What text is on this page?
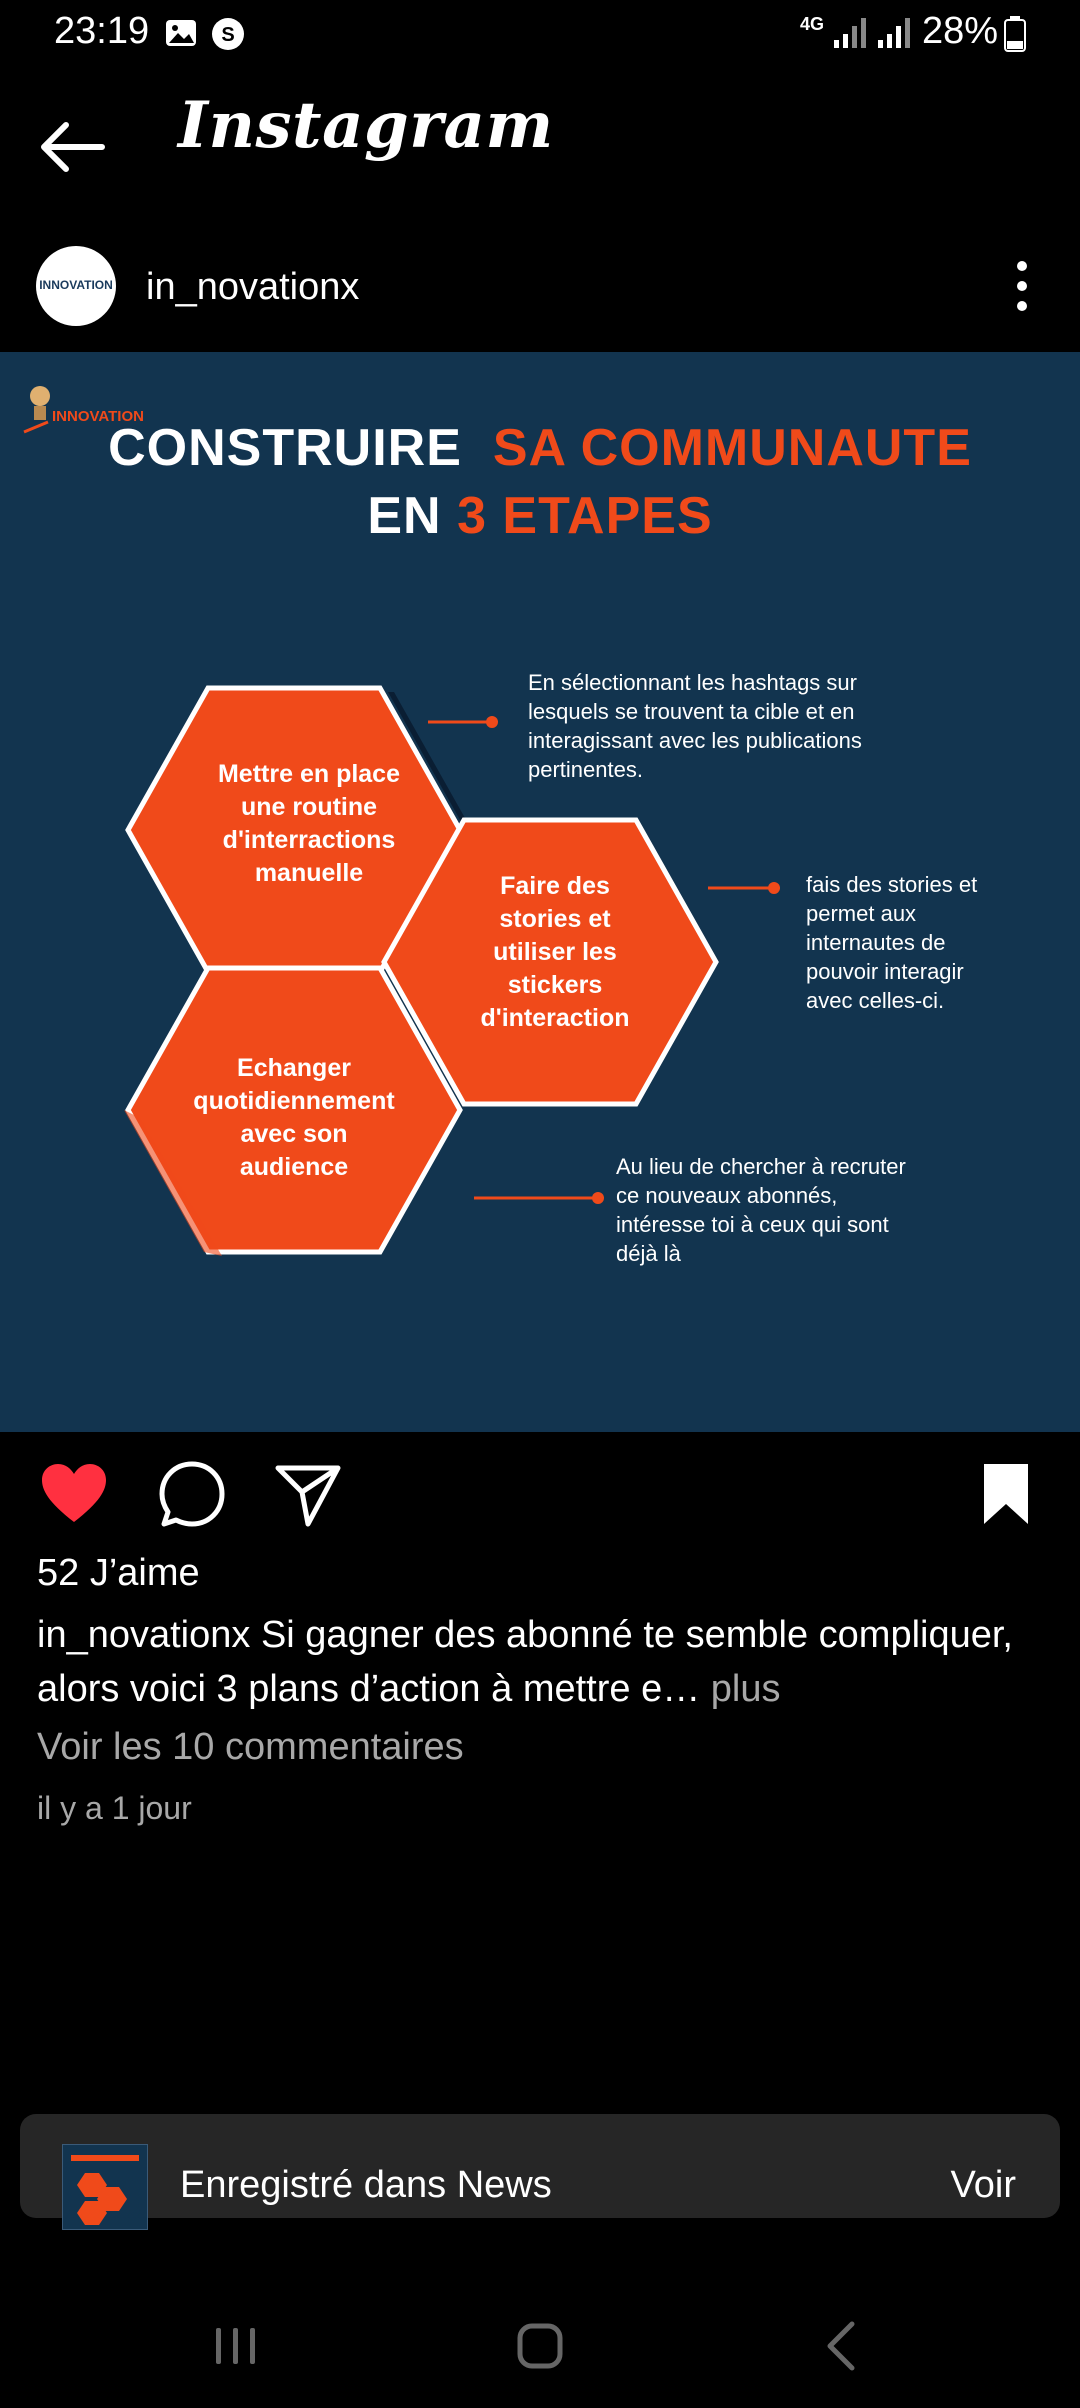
23:19	S	4G	28%
Instagram
INNOVATION in_novationx
INNOVATION
CONSTRUIRE SA COMMUNAUTE
EN 3 ETAPES
Mettre en place une routine d'interractions manuelle	Faire des stories et utiliser les stickers d'interaction
Echanger quotidiennement avec son audience
En sélectionnant les hashtags sur lesquels se trouvent ta cible et en interagissant avec les publications pertinentes.
fais des stories et permet aux internautes de pouvoir interagir avec celles-ci.
Au lieu de chercher à recruter ce nouveaux abonnés, intéresse toi à ceux qui sont déjà là
52 J’aime
in_novationx Si gagner des abonné te semble compliquer, alors voici 3 plans d’action à mettre e… plus
Voir les 10 commentaires
il y a 1 jour
Enregistré dans News	Voir
